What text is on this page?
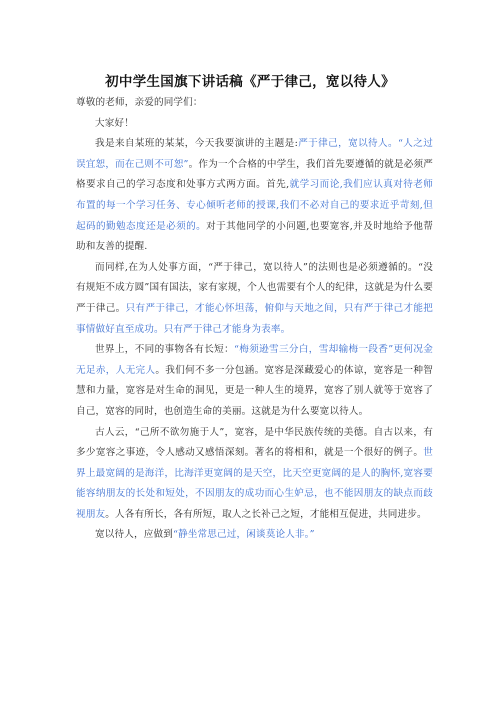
初中学生国旗下讲话稿《严于律己，宽以待人》

尊敬的老师，亲爱的同学们：

大家好！

我是来自某班的某某，今天我要演讲的主题是:严于律己，宽以待人。“人之过误宜恕，而在己则不可恕”。作为一个合格的中学生，我们首先要遵循的就是必须严格要求自己的学习态度和处事方式两方面。首先,就学习而论,我们应认真对待老师布置的每一个学习任务、专心倾听老师的授课,我们不必对自己的要求近乎苛刻,但起码的勤勉态度还是必须的。对于其他同学的小问题,也要宽容,并及时地给予他帮助和友善的提醒.

而同样,在为人处事方面，“严于律己，宽以待人”的法则也是必须遵循的。“没有规矩不成方圆”国有国法，家有家规，个人也需要有个人的纪律，这就是为什么要严于律己。只有严于律己，才能心怀坦荡，俯仰与天地之间，只有严于律己才能把事情做好直至成功。只有严于律己才能身为表率。

世界上，不同的事物各有长短：“梅须逊雪三分白，雪却输梅一段香”更何况金无足赤，人无完人。我们何不多一分包涵。宽容是深藏爱心的体谅，宽容是一种智慧和力量，宽容是对生命的洞见，更是一种人生的境界，宽容了别人就等于宽容了自己，宽容的同时，也创造生命的美丽。这就是为什么要宽以待人。

古人云，“己所不欲勿施于人”，宽容，是中华民族传统的美德。自古以来，有多少宽容之事迹，令人感动又感悟深刻。著名的将相和，就是一个很好的例子。世界上最宽阔的是海洋，比海洋更宽阔的是天空，比天空更宽阔的是人的胸怀,宽容要能容纳朋友的长处和短处，不因朋友的成功而心生妒忌，也不能因朋友的缺点而歧视朋友。人各有所长，各有所短，取人之长补己之短，才能相互促进，共同进步。

宽以待人，应做到“静坐常思己过，闲谈莫论人非。”
